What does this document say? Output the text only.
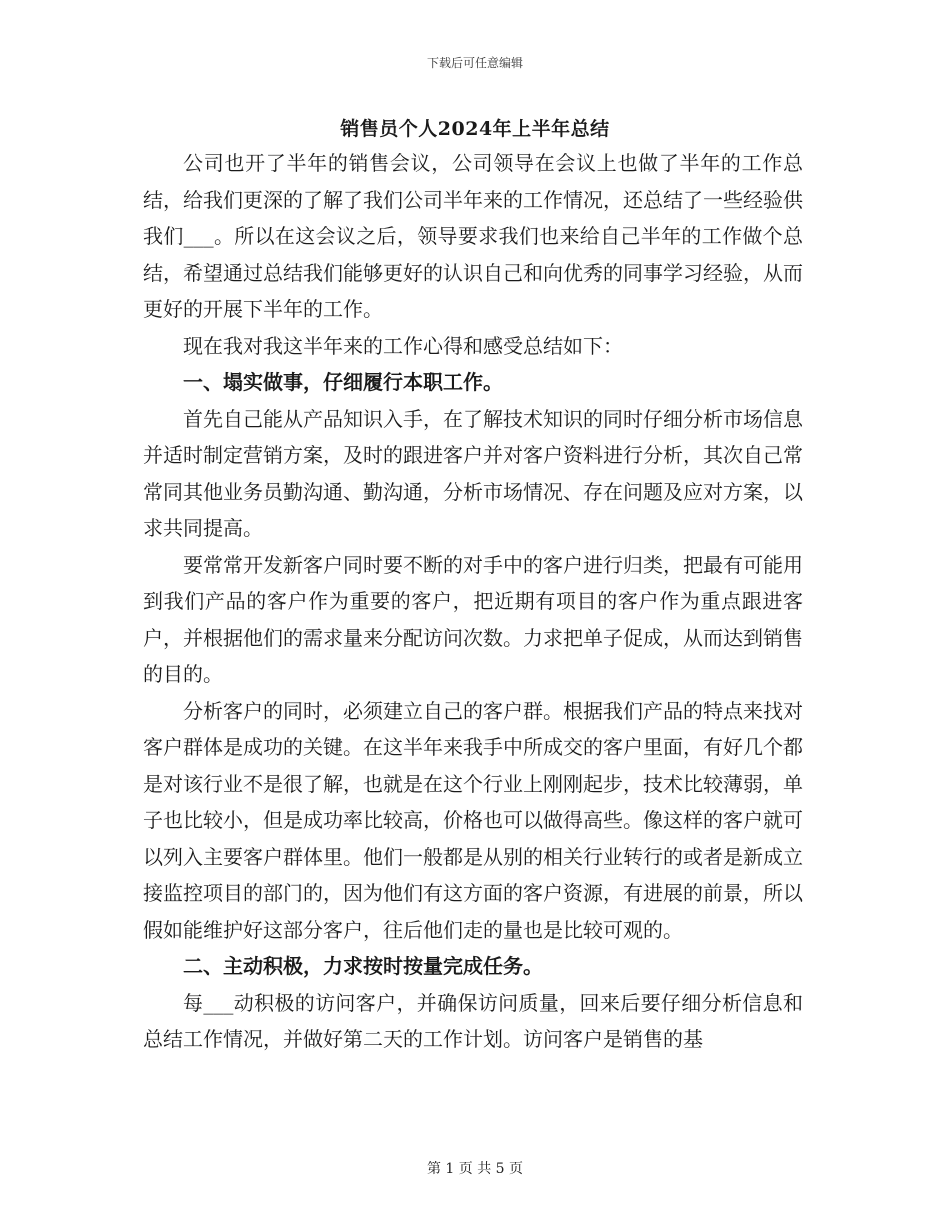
下载后可任意编辑
销售员个人2024年上半年总结

公司也开了半年的销售会议，公司领导在会议上也做了半年的工作总结，给我们更深的了解了我们公司半年来的工作情况，还总结了一些经验供我们___。所以在这会议之后，领导要求我们也来给自己半年的工作做个总结，希望通过总结我们能够更好的认识自己和向优秀的同事学习经验，从而更好的开展下半年的工作。

现在我对我这半年来的工作心得和感受总结如下：

一、塌实做事，仔细履行本职工作。

首先自己能从产品知识入手，在了解技术知识的同时仔细分析市场信息并适时制定营销方案，及时的跟进客户并对客户资料进行分析，其次自己常常同其他业务员勤沟通、勤沟通，分析市场情况、存在问题及应对方案，以求共同提高。

要常常开发新客户同时要不断的对手中的客户进行归类，把最有可能用到我们产品的客户作为重要的客户，把近期有项目的客户作为重点跟进客户，并根据他们的需求量来分配访问次数。力求把单子促成，从而达到销售的目的。

分析客户的同时，必须建立自己的客户群。根据我们产品的特点来找对客户群体是成功的关键。在这半年来我手中所成交的客户里面，有好几个都是对该行业不是很了解，也就是在这个行业上刚刚起步，技术比较薄弱，单子也比较小，但是成功率比较高，价格也可以做得高些。像这样的客户就可以列入主要客户群体里。他们一般都是从别的相关行业转行的或者是新成立接监控项目的部门的，因为他们有这方面的客户资源，有进展的前景，所以假如能维护好这部分客户，往后他们走的量也是比较可观的。

二、主动积极，力求按时按量完成任务。

每___动积极的访问客户，并确保访问质量，回来后要仔细分析信息和总结工作情况，并做好第二天的工作计划。访问客户是销售的基

第 1 页 共 5 页
